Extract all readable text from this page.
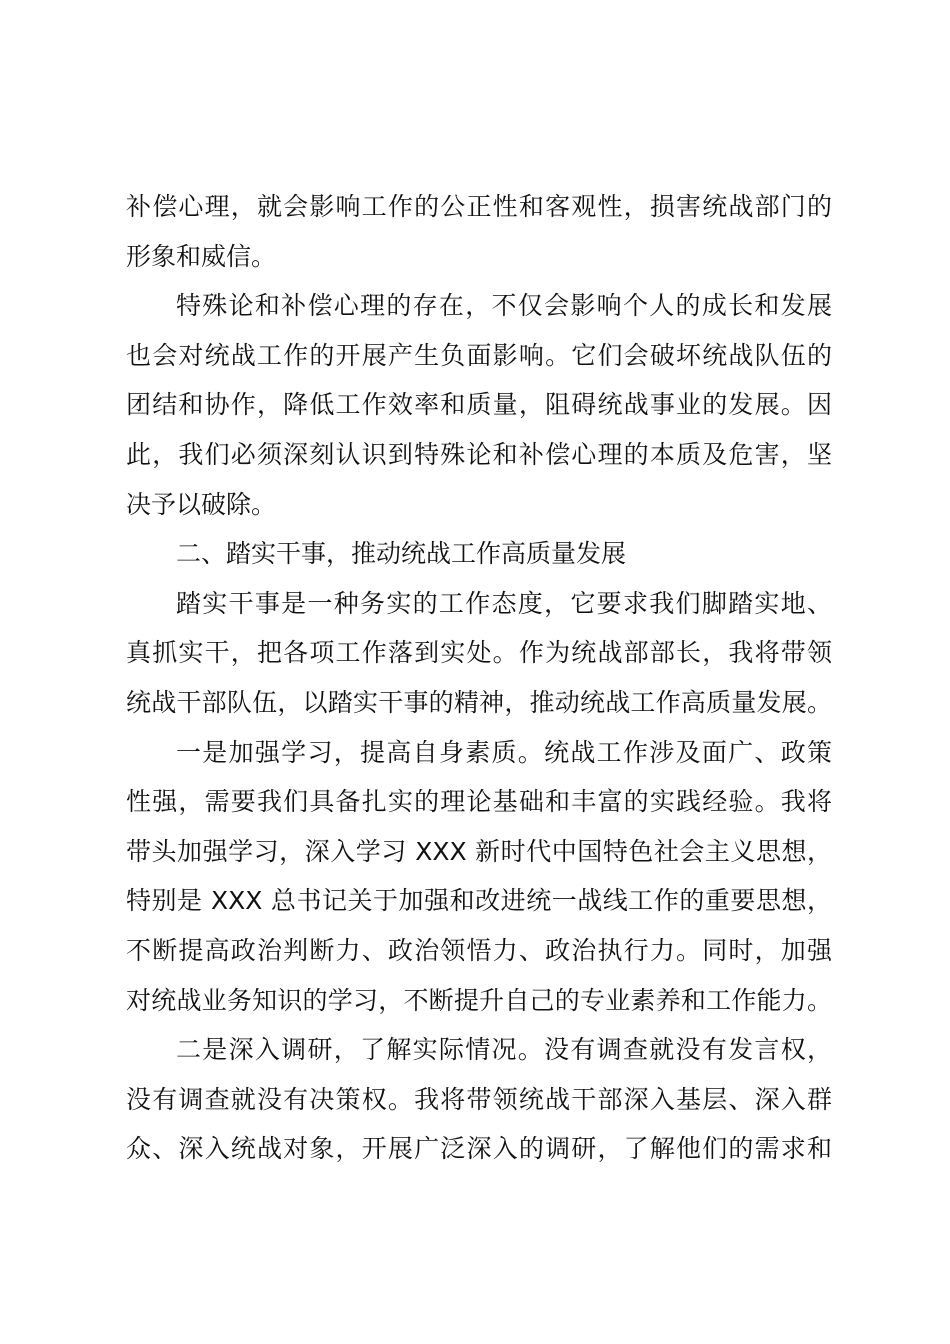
补偿心理，就会影响工作的公正性和客观性，损害统战部门的
形象和威信。
特殊论和补偿心理的存在，不仅会影响个人的成长和发展
也会对统战工作的开展产生负面影响。它们会破坏统战队伍的
团结和协作，降低工作效率和质量，阻碍统战事业的发展。因
此，我们必须深刻认识到特殊论和补偿心理的本质及危害，坚
决予以破除。
二、踏实干事，推动统战工作高质量发展
踏实干事是一种务实的工作态度，它要求我们脚踏实地、
真抓实干，把各项工作落到实处。作为统战部部长，我将带领
统战干部队伍，以踏实干事的精神，推动统战工作高质量发展。
一是加强学习，提高自身素质。统战工作涉及面广、政策
性强，需要我们具备扎实的理论基础和丰富的实践经验。我将
带头加强学习，深入学习 XXX 新时代中国特色社会主义思想，
特别是 XXX 总书记关于加强和改进统一战线工作的重要思想，
不断提高政治判断力、政治领悟力、政治执行力。同时，加强
对统战业务知识的学习，不断提升自己的专业素养和工作能力。
二是深入调研，了解实际情况。没有调查就没有发言权，
没有调查就没有决策权。我将带领统战干部深入基层、深入群
众、深入统战对象，开展广泛深入的调研，了解他们的需求和
